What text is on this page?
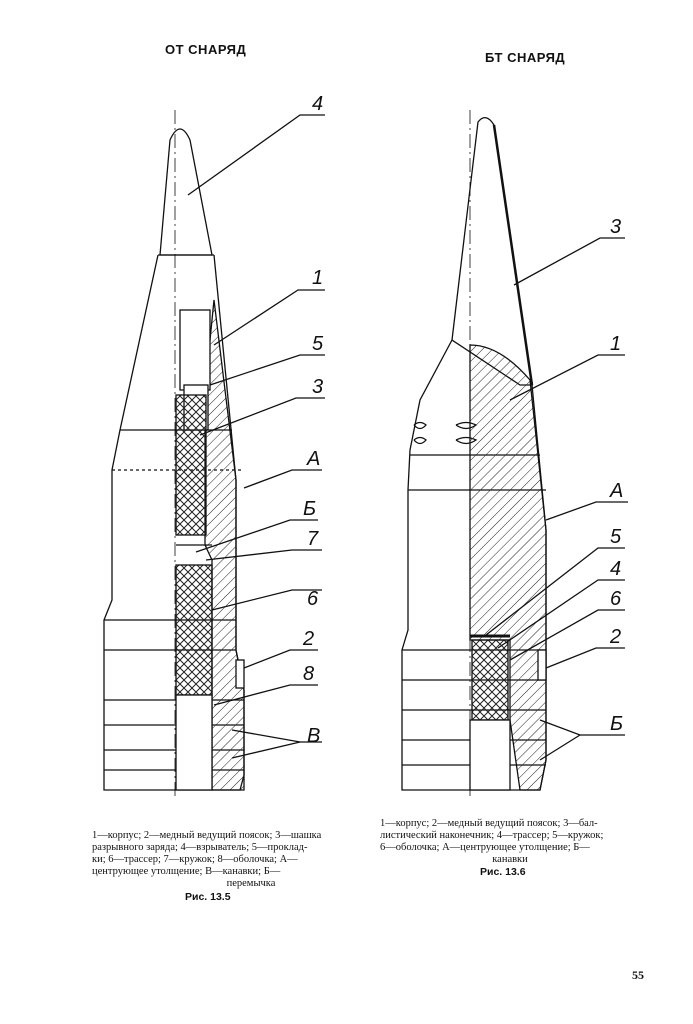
ОТ СНАРЯД
БТ СНАРЯД
4
1
5
3
А
Б
7
6
2
8
В
3
1
А
5
4
6
2
Б
1—корпус; 2—медный ведущий поясок; 3—шашка
разрывного заряда; 4—взрыватель; 5—проклад-
ки; 6—трассер; 7—кружок; 8—оболочка; А—
центрующее утолщение; В—канавки; Б—
перемычка
Рис. 13.5
1—корпус; 2—медный ведущий поясок; 3—бал-
листический наконечник; 4—трассер; 5—кружок;
6—оболочка; А—центрующее утолщение; Б—
канавки
Рис. 13.6
55
